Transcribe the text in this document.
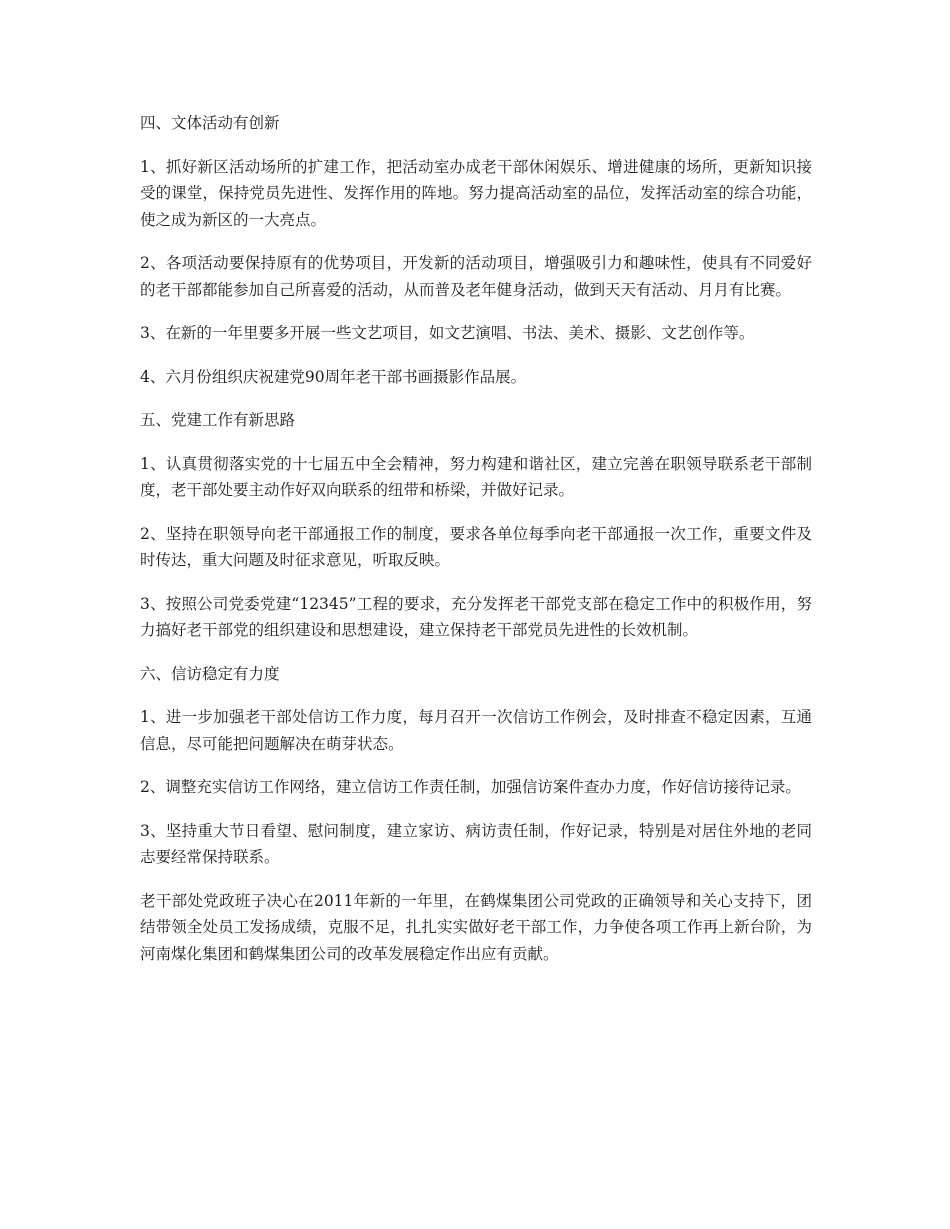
四、文体活动有创新

1、抓好新区活动场所的扩建工作，把活动室办成老干部休闲娱乐、增进健康的场所，更新知识接受的课堂，保持党员先进性、发挥作用的阵地。努力提高活动室的品位，发挥活动室的综合功能，使之成为新区的一大亮点。

2、各项活动要保持原有的优势项目，开发新的活动项目，增强吸引力和趣味性，使具有不同爱好的老干部都能参加自己所喜爱的活动，从而普及老年健身活动，做到天天有活动、月月有比赛。

3、在新的一年里要多开展一些文艺项目，如文艺演唱、书法、美术、摄影、文艺创作等。

4、六月份组织庆祝建党90周年老干部书画摄影作品展。

五、党建工作有新思路

1、认真贯彻落实党的十七届五中全会精神，努力构建和谐社区，建立完善在职领导联系老干部制度，老干部处要主动作好双向联系的纽带和桥梁，并做好记录。

2、坚持在职领导向老干部通报工作的制度，要求各单位每季向老干部通报一次工作，重要文件及时传达，重大问题及时征求意见，听取反映。

3、按照公司党委党建“12345”工程的要求，充分发挥老干部党支部在稳定工作中的积极作用，努力搞好老干部党的组织建设和思想建设，建立保持老干部党员先进性的长效机制。

六、信访稳定有力度

1、进一步加强老干部处信访工作力度，每月召开一次信访工作例会，及时排查不稳定因素，互通信息，尽可能把问题解决在萌芽状态。

2、调整充实信访工作网络，建立信访工作责任制，加强信访案件查办力度，作好信访接待记录。

3、坚持重大节日看望、慰问制度，建立家访、病访责任制，作好记录，特别是对居住外地的老同志要经常保持联系。

老干部处党政班子决心在2011年新的一年里，在鹤煤集团公司党政的正确领导和关心支持下，团结带领全处员工发扬成绩，克服不足，扎扎实实做好老干部工作，力争使各项工作再上新台阶，为河南煤化集团和鹤煤集团公司的改革发展稳定作出应有贡献。
